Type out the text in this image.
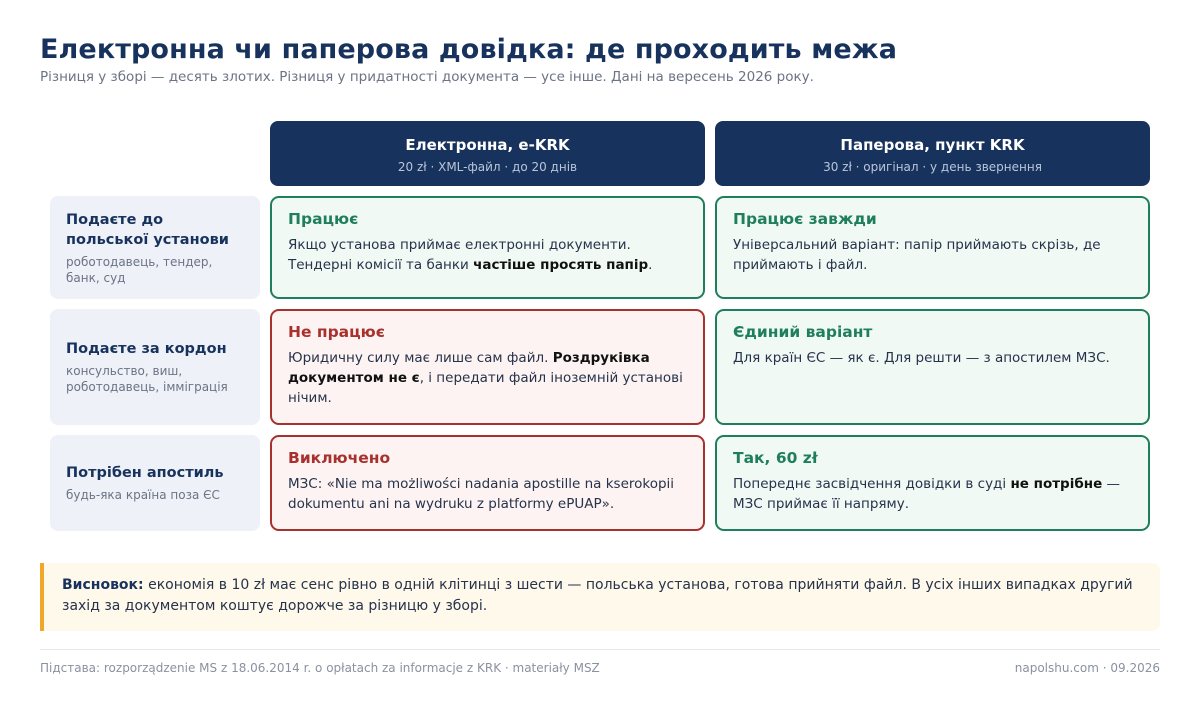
Електронна чи паперова довідка: де проходить межа

Різниця у зборі — десять злотих. Різниця у придатності документа — усе інше. Дані на вересень 2026 року.

Електронна, e-KRK
20 zł · XML-файл · до 20 днів
Паперова, пункт KRK
30 zł · оригінал · у день звернення
Подаєте до польської установи
роботодавець, тендер, банк, суд
Працює

Якщо установа приймає електронні документи. Тендерні комісії та банки частіше просять папір.

Працює завжди

Універсальний варіант: папір приймають скрізь, де приймають і файл.

Подаєте за кордон
консульство, виш, роботодавець, імміграція
Не працює

Юридичну силу має лише сам файл. Роздруківка документом не є, і передати файл іноземній установі нічим.

Єдиний варіант

Для країн ЄС — як є. Для решти — з апостилем МЗС.

Потрібен апостиль
будь-яка країна поза ЄС
Виключено

МЗС: «Nie ma możliwości nadania apostille na kserokopii dokumentu ani na wydruku z platformy ePUAP».

Так, 60 zł

Попереднє засвідчення довідки в суді не потрібне — МЗС приймає її напряму.

Висновок: економія в 10 zł має сенс рівно в одній клітинці з шести — польська установа, готова прийняти файл. В усіх інших випадках другий захід за документом коштує дорожче за різницю у зборі.
Підстава: rozporządzenie MS z 18.06.2014 r. o opłatach za informacje z KRK · materiały MSZ	napolshu.com · 09.2026
